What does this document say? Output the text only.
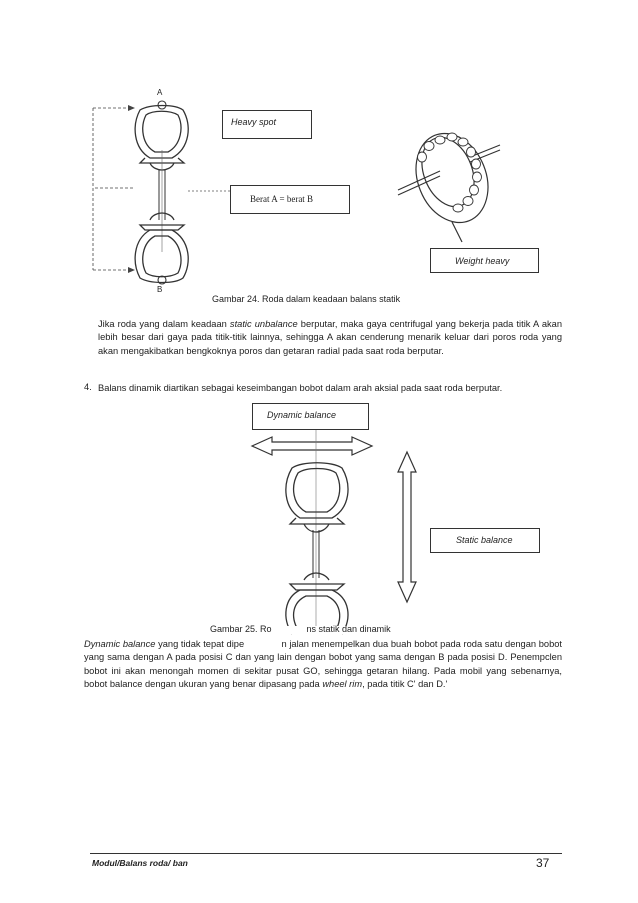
A
B
Heavy spot
Berat A = berat B
Weight heavy
Gambar 24. Roda dalam keadaan balans statik

Jika roda yang dalam keadaan static unbalance berputar, maka gaya centrifugal yang bekerja pada titik A akan lebih besar dari gaya pada titik-titik lainnya, sehingga A akan cenderung menarik keluar dari poros roda yang akan mengakibatkan bengkoknya poros dan getaran radial pada saat roda berputar.

4. Balans dinamik diartikan sebagai keseimbangan bobot dalam arah aksial pada saat roda berputar.
Dynamic balance
Static balance
Gambar 25. Ro              ns statik dan dinamik

Dynamic balance yang tidak tepat dipe              n jalan menempelkan dua buah bobot pada roda satu dengan bobot yang sama dengan A pada posisi C dan yang lain dengan bobot yang sama dengan B pada posisi D. Penempclen bobot ini akan menongah momen di sekitar pusat GO, sehingga getaran hilang. Pada mobil yang sebenarnya, bobot balance dengan ukuran yang benar dipasang pada wheel rim, pada titik C' dan D.'

Modul/Balans roda/ ban	37
